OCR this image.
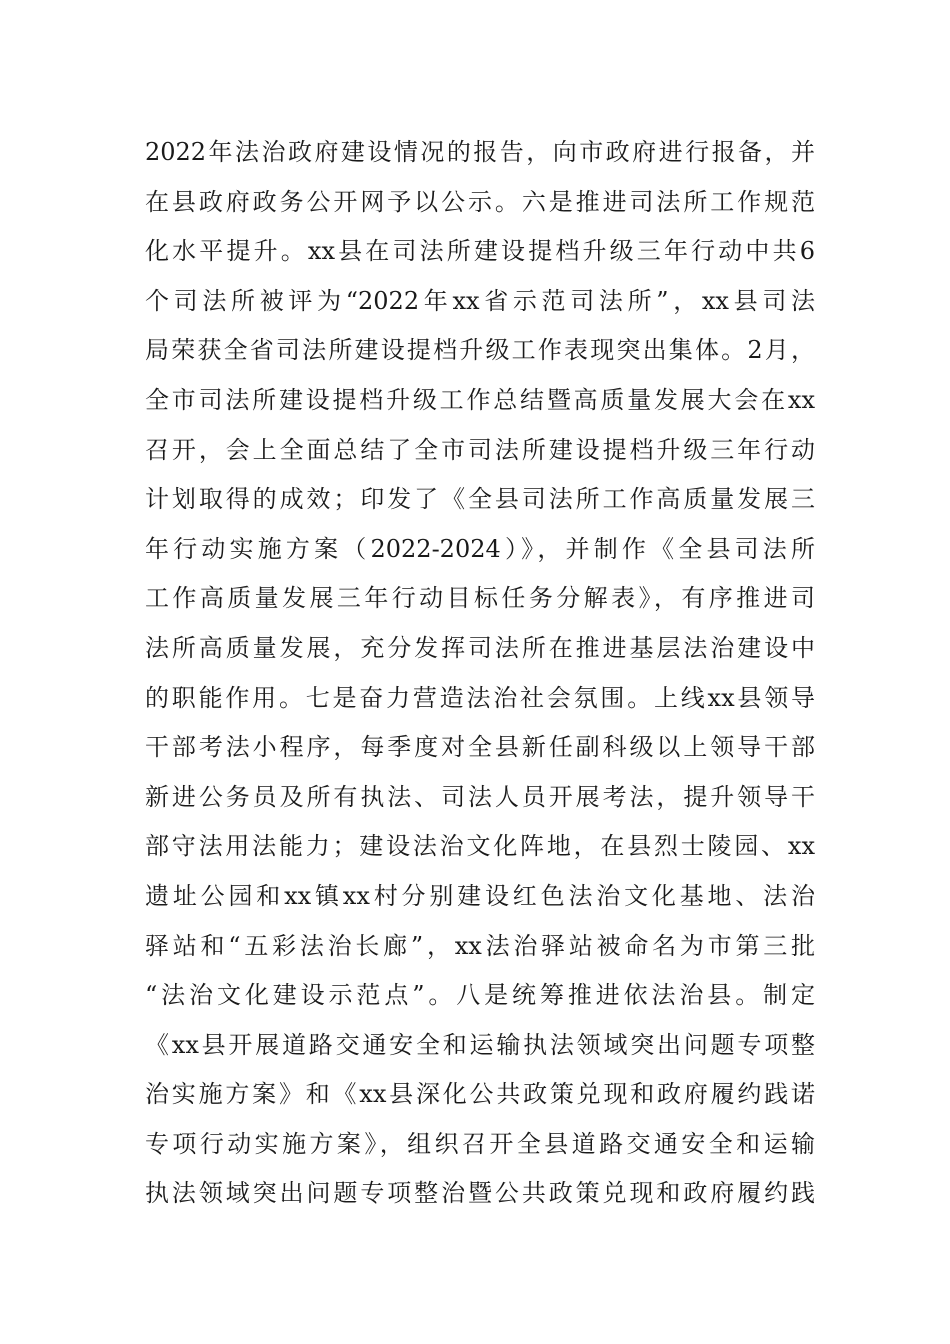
2022年法治政府建设情况的报告，向市政府进行报备，并
在县政府政务公开网予以公示。六是推进司法所工作规范
化水平提升。xx县在司法所建设提档升级三年行动中共6
个司法所被评为“2022年xx省示范司法所”，xx县司法
局荣获全省司法所建设提档升级工作表现突出集体。2月，
全市司法所建设提档升级工作总结暨高质量发展大会在xx
召开，会上全面总结了全市司法所建设提档升级三年行动
计划取得的成效；印发了《全县司法所工作高质量发展三
年行动实施方案（2022-2024）》，并制作《全县司法所
工作高质量发展三年行动目标任务分解表》，有序推进司
法所高质量发展，充分发挥司法所在推进基层法治建设中
的职能作用。七是奋力营造法治社会氛围。上线xx县领导
干部考法小程序，每季度对全县新任副科级以上领导干部
新进公务员及所有执法、司法人员开展考法，提升领导干
部守法用法能力；建设法治文化阵地，在县烈士陵园、xx
遗址公园和xx镇xx村分别建设红色法治文化基地、法治
驿站和“五彩法治长廊”，xx法治驿站被命名为市第三批
“法治文化建设示范点”。八是统筹推进依法治县。制定
《xx县开展道路交通安全和运输执法领域突出问题专项整
治实施方案》和《xx县深化公共政策兑现和政府履约践诺
专项行动实施方案》，组织召开全县道路交通安全和运输
执法领域突出问题专项整治暨公共政策兑现和政府履约践
